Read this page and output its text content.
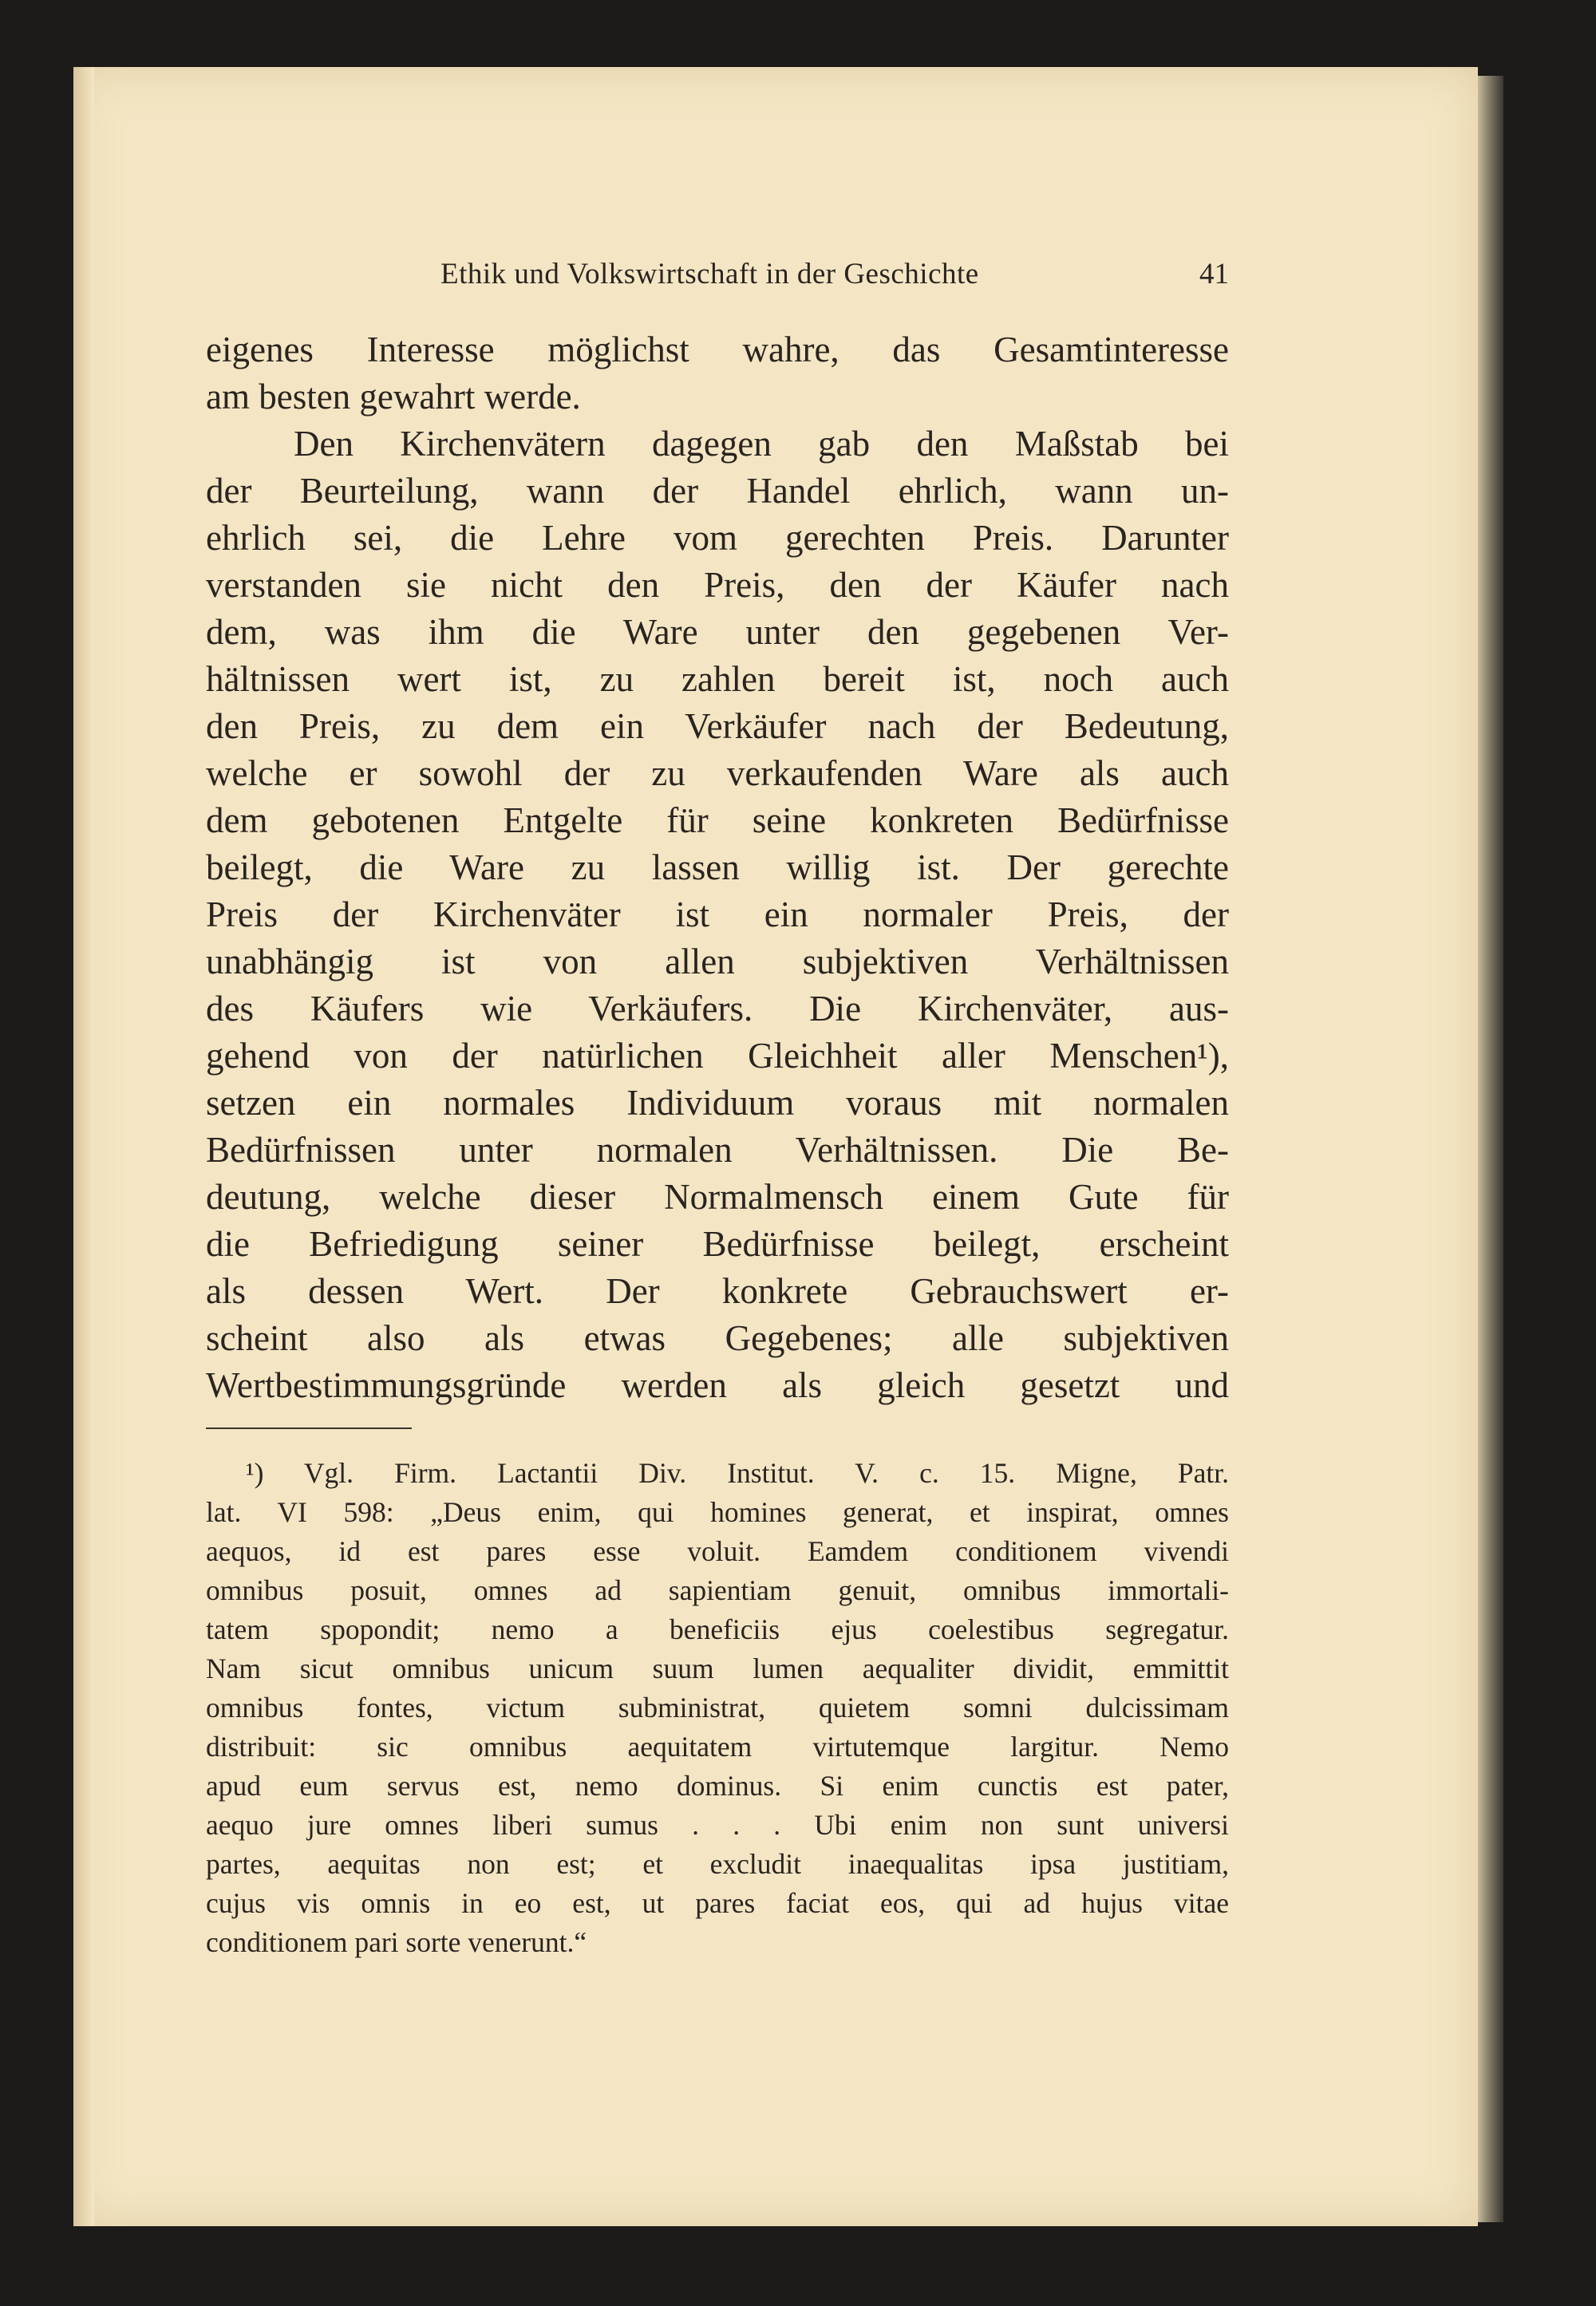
Ethik und Volkswirtschaft in der Geschichte	41
eigenes Interesse möglichst wahre, das Gesamtinteresse
am besten gewahrt werde.
Den Kirchenvätern dagegen gab den Maßstab bei
der Beurteilung, wann der Handel ehrlich, wann un-
ehrlich sei, die Lehre vom gerechten Preis. Darunter
verstanden sie nicht den Preis, den der Käufer nach
dem, was ihm die Ware unter den gegebenen Ver-
hältnissen wert ist, zu zahlen bereit ist, noch auch
den Preis, zu dem ein Verkäufer nach der Bedeutung,
welche er sowohl der zu verkaufenden Ware als auch
dem gebotenen Entgelte für seine konkreten Bedürfnisse
beilegt, die Ware zu lassen willig ist. Der gerechte
Preis der Kirchenväter ist ein normaler Preis, der
unabhängig ist von allen subjektiven Verhältnissen
des Käufers wie Verkäufers. Die Kirchenväter, aus-
gehend von der natürlichen Gleichheit aller Menschen¹),
setzen ein normales Individuum voraus mit normalen
Bedürfnissen unter normalen Verhältnissen. Die Be-
deutung, welche dieser Normalmensch einem Gute für
die Befriedigung seiner Bedürfnisse beilegt, erscheint
als dessen Wert. Der konkrete Gebrauchswert er-
scheint also als etwas Gegebenes; alle subjektiven
Wertbestimmungsgründe werden als gleich gesetzt und
¹) Vgl. Firm. Lactantii Div. Institut. V. c. 15. Migne, Patr.
lat. VI 598: „Deus enim, qui homines generat, et inspirat, omnes
aequos, id est pares esse voluit. Eamdem conditionem vivendi
omnibus posuit, omnes ad sapientiam genuit, omnibus immortali-
tatem spopondit; nemo a beneficiis ejus coelestibus segregatur.
Nam sicut omnibus unicum suum lumen aequaliter dividit, emmittit
omnibus fontes, victum subministrat, quietem somni dulcissimam
distribuit: sic omnibus aequitatem virtutemque largitur. Nemo
apud eum servus est, nemo dominus. Si enim cunctis est pater,
aequo jure omnes liberi sumus . . . Ubi enim non sunt universi
partes, aequitas non est; et excludit inaequalitas ipsa justitiam,
cujus vis omnis in eo est, ut pares faciat eos, qui ad hujus vitae
conditionem pari sorte venerunt.“
